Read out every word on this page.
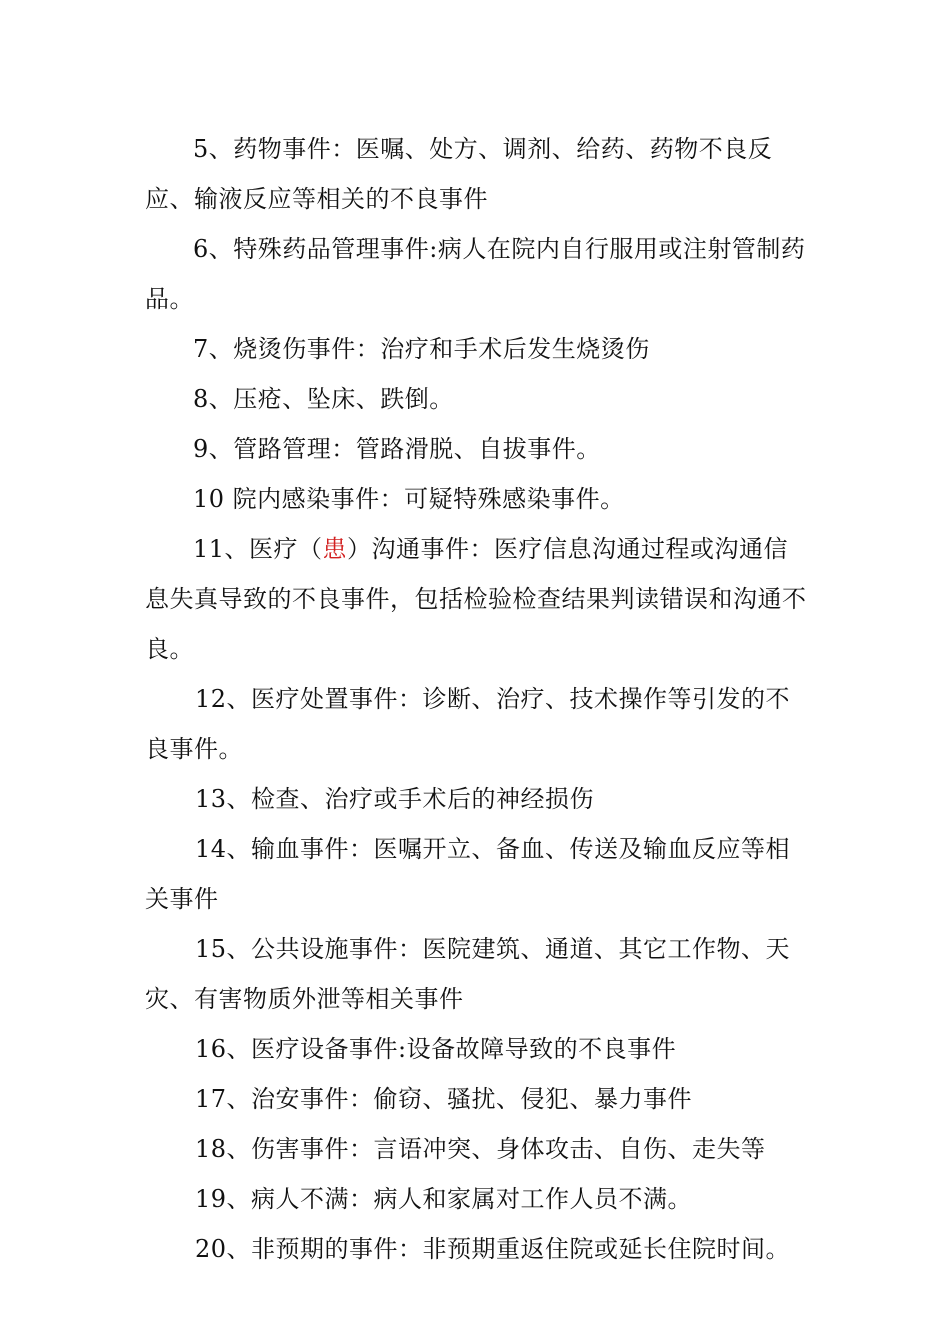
5、药物事件：医嘱、处方、调剂、给药、药物不良反应、输液反应等相关的不良事件

6、特殊药品管理事件:病人在院内自行服用或注射管制药品。

7、烧烫伤事件：治疗和手术后发生烧烫伤

8、压疮、坠床、跌倒。

9、管路管理：管路滑脱、自拔事件。

10 院内感染事件：可疑特殊感染事件。

11、医疗（患）沟通事件：医疗信息沟通过程或沟通信息失真导致的不良事件，包括检验检查结果判读错误和沟通不良。

12、医疗处置事件：诊断、治疗、技术操作等引发的不良事件。

13、检查、治疗或手术后的神经损伤

14、输血事件：医嘱开立、备血、传送及输血反应等相关事件

15、公共设施事件：医院建筑、通道、其它工作物、天灾、有害物质外泄等相关事件

16、医疗设备事件:设备故障导致的不良事件

17、治安事件：偷窃、骚扰、侵犯、暴力事件

18、伤害事件：言语冲突、身体攻击、自伤、走失等

19、病人不满：病人和家属对工作人员不满。

20、非预期的事件：非预期重返住院或延长住院时间。
